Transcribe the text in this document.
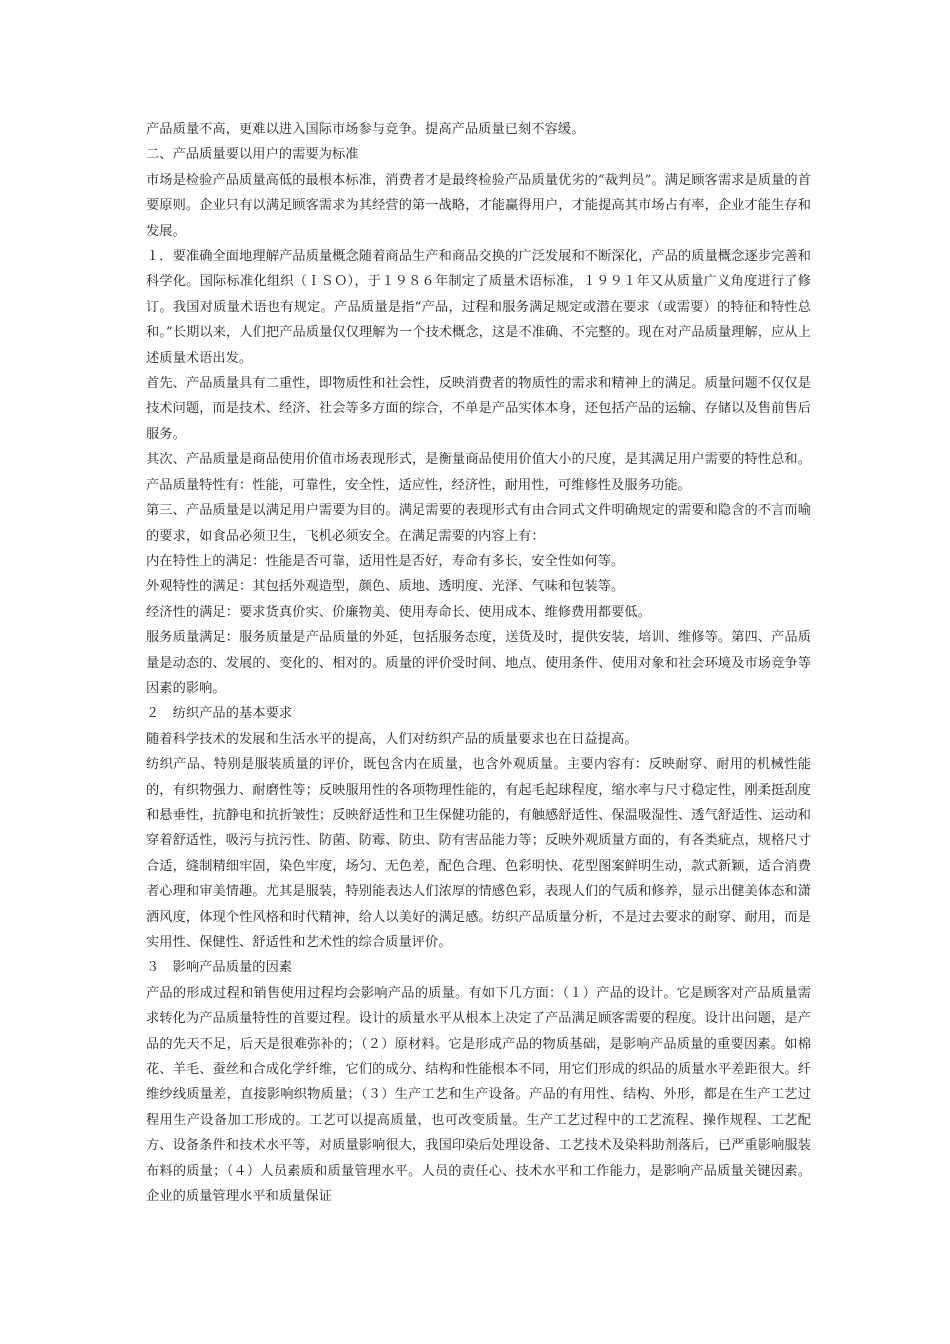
产品质量不高，更难以进入国际市场参与竞争。提高产品质量已刻不容缓。

二、产品质量要以用户的需要为标准

市场是检验产品质量高低的最根本标准，消费者才是最终检验产品质量优劣的“裁判员”。满足顾客需求是质量的首要原则。企业只有以满足顾客需求为其经营的第一战略，才能赢得用户，才能提高其市场占有率，企业才能生存和发展。

１．要准确全面地理解产品质量概念随着商品生产和商品交换的广泛发展和不断深化，产品的质量概念逐步完善和科学化。国际标准化组织（ＩＳＯ），于１９８６年制定了质量术语标准，１９９１年又从质量广义角度进行了修订。我国对质量术语也有规定。产品质量是指“产品，过程和服务满足规定或潜在要求（或需要）的特征和特性总和。”长期以来，人们把产品质量仅仅理解为一个技术概念，这是不准确、不完整的。现在对产品质量理解，应从上述质量术语出发。

首先、产品质量具有二重性，即物质性和社会性，反映消费者的物质性的需求和精神上的满足。质量问题不仅仅是技术问题，而是技术、经济、社会等多方面的综合，不单是产品实体本身，还包括产品的运输、存储以及售前售后服务。

其次、产品质量是商品使用价值市场表现形式，是衡量商品使用价值大小的尺度，是其满足用户需要的特性总和。产品质量特性有：性能，可靠性，安全性，适应性，经济性，耐用性，可维修性及服务功能。

第三、产品质量是以满足用户需要为目的。满足需要的表现形式有由合同式文件明确规定的需要和隐含的不言而喻的要求，如食品必须卫生，飞机必须安全。在满足需要的内容上有：

内在特性上的满足：性能是否可靠，适用性是否好，寿命有多长，安全性如何等。

外观特性的满足：其包括外观造型，颜色、质地、透明度、光泽、气味和包装等。

经济性的满足：要求货真价实、价廉物美、使用寿命长、使用成本、维修费用都要低。

服务质量满足：服务质量是产品质量的外延，包括服务态度，送货及时，提供安装，培训、维修等。第四、产品质量是动态的、发展的、变化的、相对的。质量的评价受时间、地点、使用条件、使用对象和社会环境及市场竞争等因素的影响。

２　纺织产品的基本要求

随着科学技术的发展和生活水平的提高，人们对纺织产品的质量要求也在日益提高。

纺织产品、特别是服装质量的评价，既包含内在质量，也含外观质量。主要内容有：反映耐穿、耐用的机械性能的，有织物强力、耐磨性等；反映服用性的各项物理性能的，有起毛起球程度，缩水率与尺寸稳定性，刚柔挺刮度和悬垂性，抗静电和抗折皱性；反映舒适性和卫生保健功能的，有触感舒适性、保温吸湿性、透气舒适性、运动和穿着舒适性，吸污与抗污性、防菌、防霉、防虫、防有害品能力等；反映外观质量方面的，有各类疵点，规格尺寸合适，缝制精细牢固，染色牢度，场匀、无色差，配色合理、色彩明快、花型图案鲜明生动，款式新颖，适合消费者心理和审美情趣。尤其是服装，特别能表达人们浓厚的情感色彩，表现人们的气质和修养，显示出健美体态和潇洒风度，体现个性风格和时代精神，给人以美好的满足感。纺织产品质量分析，不是过去要求的耐穿、耐用，而是实用性、保健性、舒适性和艺术性的综合质量评价。

３　影响产品质量的因素

产品的形成过程和销售使用过程均会影响产品的质量。有如下几方面：（１）产品的设计。它是顾客对产品质量需求转化为产品质量特性的首要过程。设计的质量水平从根本上决定了产品满足顾客需要的程度。设计出问题，是产品的先天不足，后天是很难弥补的；（２）原材料。它是形成产品的物质基础，是影响产品质量的重要因素。如棉花、羊毛、蚕丝和合成化学纤维，它们的成分、结构和性能根本不同，用它们形成的织品的质量水平差距很大。纤维纱线质量差，直接影响织物质量；（３）生产工艺和生产设备。产品的有用性、结构、外形，都是在生产工艺过程用生产设备加工形成的。工艺可以提高质量，也可改变质量。生产工艺过程中的工艺流程、操作规程、工艺配方、设备条件和技术水平等，对质量影响很大，我国印染后处理设备、工艺技术及染料助剂落后，已严重影响服装布料的质量；（４）人员素质和质量管理水平。人员的责任心、技术水平和工作能力，是影响产品质量关键因素。企业的质量管理水平和质量保证
